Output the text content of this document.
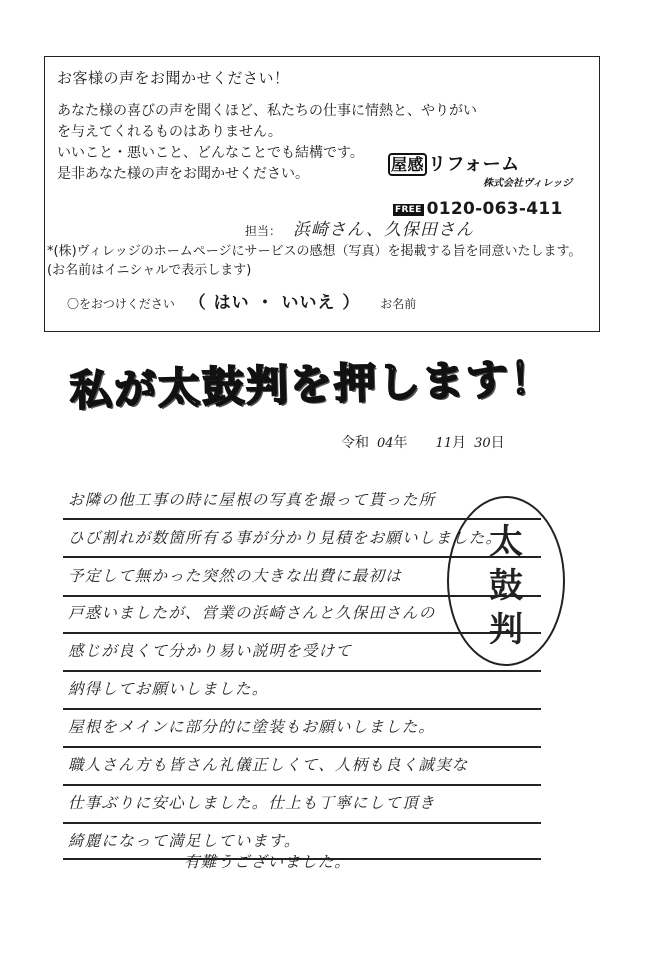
お客様の声をお聞かせください！
あなた様の喜びの声を聞くほど、私たちの仕事に情熱と、やりがい
を与えてくれるものはありません。
いいこと・悪いこと、どんなことでも結構です。
是非あなた様の声をお聞かせください。	屋感 リフォーム
株式会社ヴィレッジ
FREE 0120-063-411
担当： 浜崎さん、久保田さん
*(株)ヴィレッジのホームページにサービスの感想（写真）を掲載する旨を同意いたします。(お名前はイニシャルで表示します)
〇をおつけください （ はい ・ いいえ ） お名前
私が太鼓判を押します！
令和 04年 11月 30日
お隣の他工事の時に屋根の写真を撮って貰った所
ひび割れが数箇所有る事が分かり見積をお願いしました。
予定して無かった突然の大きな出費に最初は
戸惑いましたが、営業の浜崎さんと久保田さんの
感じが良くて分かり易い説明を受けて
納得してお願いしました。
屋根をメインに部分的に塗装もお願いしました。
職人さん方も皆さん礼儀正しくて、人柄も良く誠実な
仕事ぶりに安心しました。仕上も丁寧にして頂き
綺麗になって満足しています。
有難うございました。
太
鼓
判
